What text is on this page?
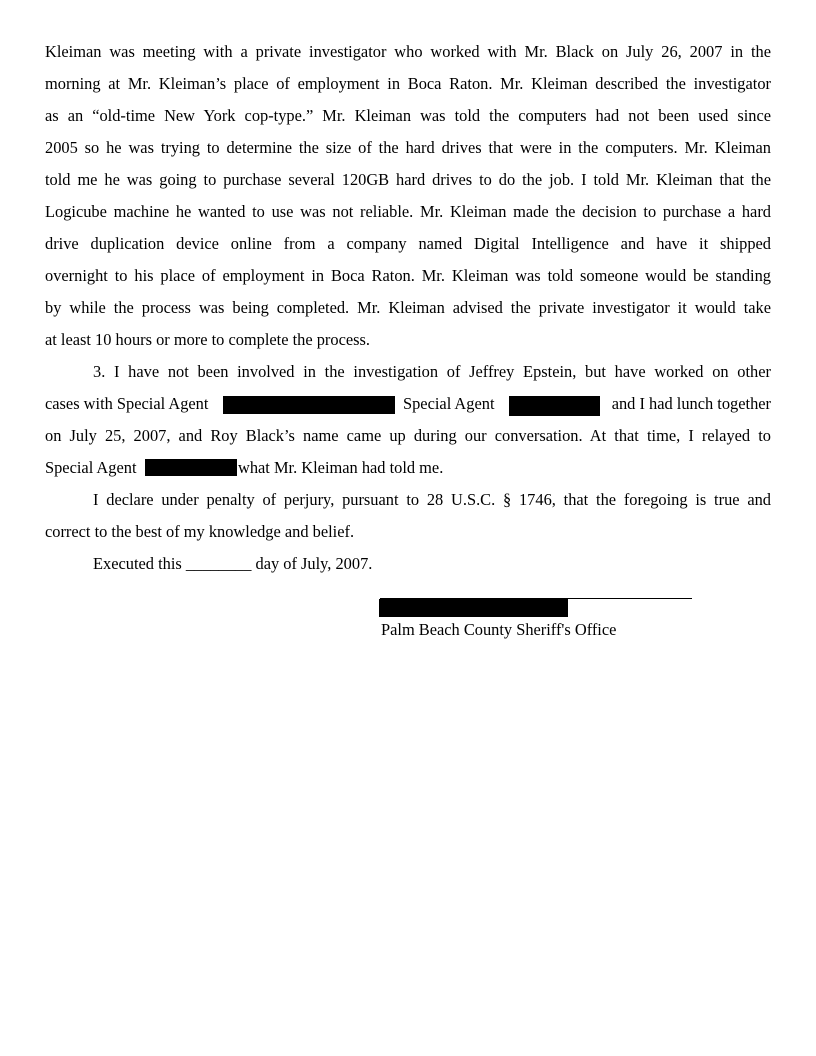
Kleiman was meeting with a private investigator who worked with Mr. Black on July 26, 2007 in the
morning at Mr. Kleiman’s place of employment in Boca Raton. Mr. Kleiman described the investigator
as an “old-time New York cop-type.” Mr. Kleiman was told the computers had not been used since
2005 so he was trying to determine the size of the hard drives that were in the computers. Mr. Kleiman
told me he was going to purchase several 120GB hard drives to do the job. I told Mr. Kleiman that the
Logicube machine he wanted to use was not reliable. Mr. Kleiman made the decision to purchase a hard
drive duplication device online from a company named Digital Intelligence and have it shipped
overnight to his place of employment in Boca Raton. Mr. Kleiman was told someone would be standing
by while the process was being completed. Mr. Kleiman advised the private investigator it would take
at least 10 hours or more to complete the process.
3. I have not been involved in the investigation of Jeffrey Epstein, but have worked on other
cases with Special Agent	Special Agent	and I had lunch together
on July 25, 2007, and Roy Black’s name came up during our conversation. At that time, I relayed to
Special Agent	what Mr. Kleiman had told me.
I declare under penalty of perjury, pursuant to 28 U.S.C. § 1746, that the foregoing is true and
correct to the best of my knowledge and belief.
Executed this ________ day of July, 2007.
Palm Beach County Sheriff's Office
